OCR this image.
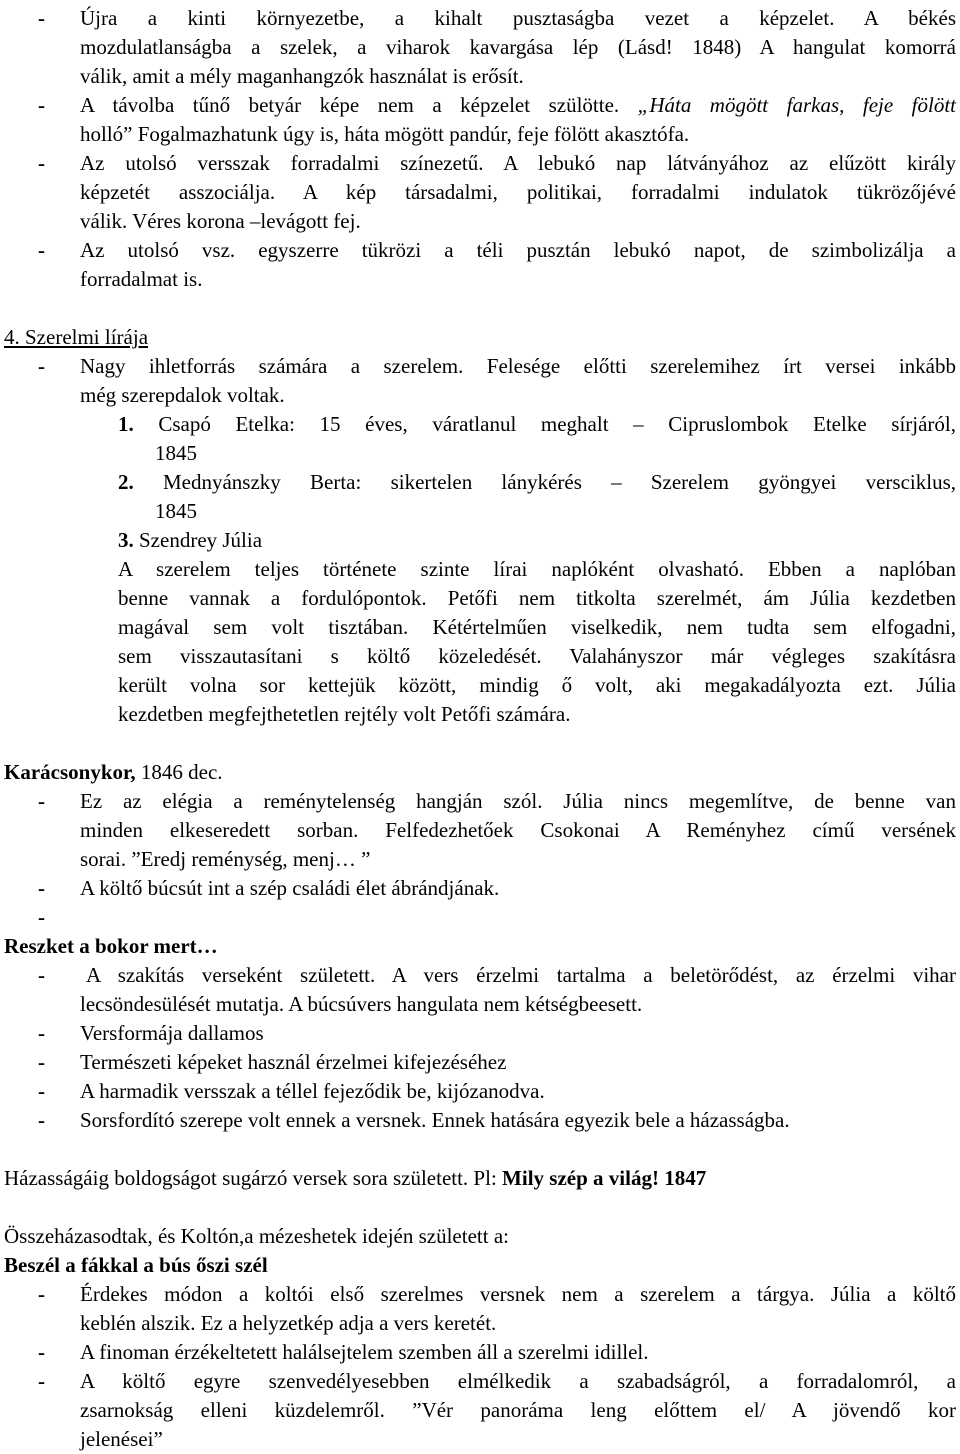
- Újra a kinti környezetbe, a kihalt pusztaságba vezet a képzelet. A békés
mozdulatlanságba a szelek, a viharok kavargása lép (Lásd! 1848) A hangulat komorrá
válik, amit a mély maganhangzók használat is erősít.
- A távolba tűnő betyár képe nem a képzelet szülötte. „Háta mögött farkas, feje fölött
holló” Fogalmazhatunk úgy is, háta mögött pandúr, feje fölött akasztófa.
- Az utolsó versszak forradalmi színezetű. A lebukó nap látványához az elűzött király
képzetét asszociálja. A kép társadalmi, politikai, forradalmi indulatok tükrözőjévé
válik. Véres korona –levágott fej.
- Az utolsó vsz. egyszerre tükrözi a téli pusztán lebukó napot, de szimbolizálja a
forradalmat is.
4. Szerelmi lírája
- Nagy ihletforrás számára a szerelem. Felesége előtti szerelemihez írt versei inkább
még szerepdalok voltak.
1. Csapó Etelka: 15 éves, váratlanul meghalt – Cipruslombok Etelke sírjáról,
1845
2. Mednyánszky Berta: sikertelen lánykérés – Szerelem gyöngyei versciklus,
1845
3. Szendrey Júlia
A szerelem teljes története szinte lírai naplóként olvasható. Ebben a naplóban
benne vannak a fordulópontok. Petőfi nem titkolta szerelmét, ám Júlia kezdetben
magával sem volt tisztában. Kétértelműen viselkedik, nem tudta sem elfogadni,
sem visszautasítani s költő közeledését. Valahányszor már végleges szakításra
került volna sor kettejük között, mindig ő volt, aki megakadályozta ezt. Júlia
kezdetben megfejthetetlen rejtély volt Petőfi számára.
Karácsonykor, 1846 dec.
- Ez az elégia a reménytelenség hangján szól. Júlia nincs megemlítve, de benne van
minden elkeseredett sorban. Felfedezhetőek Csokonai A Reményhez című versének
sorai. ”Eredj reménység, menj… ”
- A költő búcsút int a szép családi élet ábrándjának.
-
Reszket a bokor mert…
- A szakítás verseként született. A vers érzelmi tartalma a beletörődést, az érzelmi vihar
lecsöndesülését mutatja. A búcsúvers hangulata nem kétségbeesett.
- Versformája dallamos
- Természeti képeket használ érzelmei kifejezéséhez
- A harmadik versszak a téllel fejeződik be, kijózanodva.
- Sorsfordító szerepe volt ennek a versnek. Ennek hatására egyezik bele a házasságba.
Házasságáig boldogságot sugárzó versek sora született. Pl: Mily szép a világ! 1847
Összeházasodtak, és Koltón,a mézeshetek idején született a:
Beszél a fákkal a bús őszi szél
- Érdekes módon a koltói első szerelmes versnek nem a szerelem a tárgya. Júlia a költő
keblén alszik. Ez a helyzetkép adja a vers keretét.
- A finoman érzékeltetett halálsejtelem szemben áll a szerelmi idillel.
- A költő egyre szenvedélyesebben elmélkedik a szabadságról, a forradalomról, a
zsarnokság elleni küzdelemről. ”Vér panoráma leng előttem el/ A jövendő kor
jelenései”
